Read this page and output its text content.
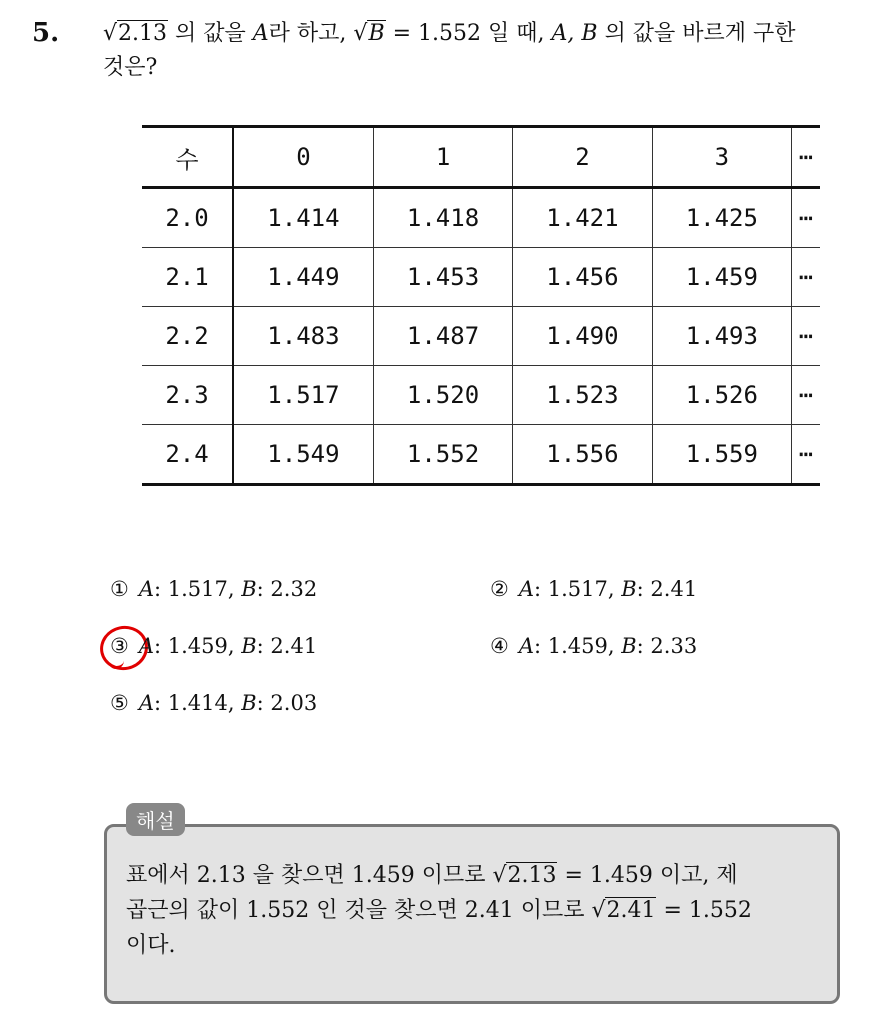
5. √2.13 의 값을 A라 하고, √B = 1.552 일 때, A, B 의 값을 바르게 구한
것은?
수	0	1	2	3	⋯
2.0	1.414	1.418	1.421	1.425	⋯
2.1	1.449	1.453	1.456	1.459	⋯
2.2	1.483	1.487	1.490	1.493	⋯
2.3	1.517	1.520	1.523	1.526	⋯
2.4	1.549	1.552	1.556	1.559	⋯
① A: 1.517, B: 2.32	② A: 1.517, B: 2.41
③ A: 1.459, B: 2.41	④ A: 1.459, B: 2.33
⑤ A: 1.414, B: 2.03
해설
표에서 2.13 을 찾으면 1.459 이므로 √2.13 = 1.459 이고, 제
곱근의 값이 1.552 인 것을 찾으면 2.41 이므로 √2.41 = 1.552
이다.
